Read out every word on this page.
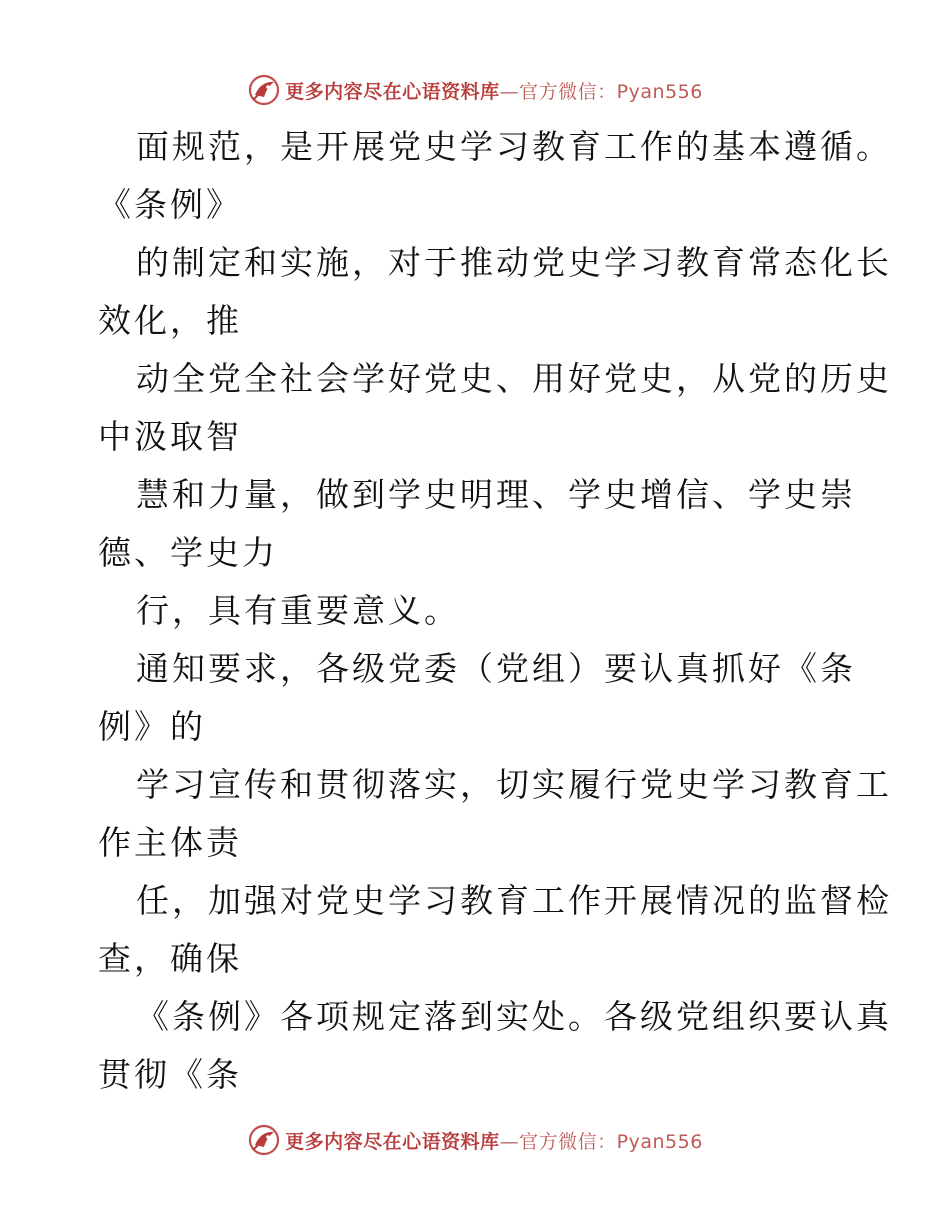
更多内容尽在心语资料库—官方微信：Pyan556
面规范，是开展党史学习教育工作的基本遵循。
《条例》
的制定和实施，对于推动党史学习教育常态化长
效化，推
动全党全社会学好党史、用好党史，从党的历史
中汲取智
慧和力量，做到学史明理、学史增信、学史崇
德、学史力
行，具有重要意义。
通知要求，各级党委（党组）要认真抓好《条
例》的
学习宣传和贯彻落实，切实履行党史学习教育工
作主体责
任，加强对党史学习教育工作开展情况的监督检
查，确保
《条例》各项规定落到实处。各级党组织要认真
贯彻《条
更多内容尽在心语资料库—官方微信：Pyan556
